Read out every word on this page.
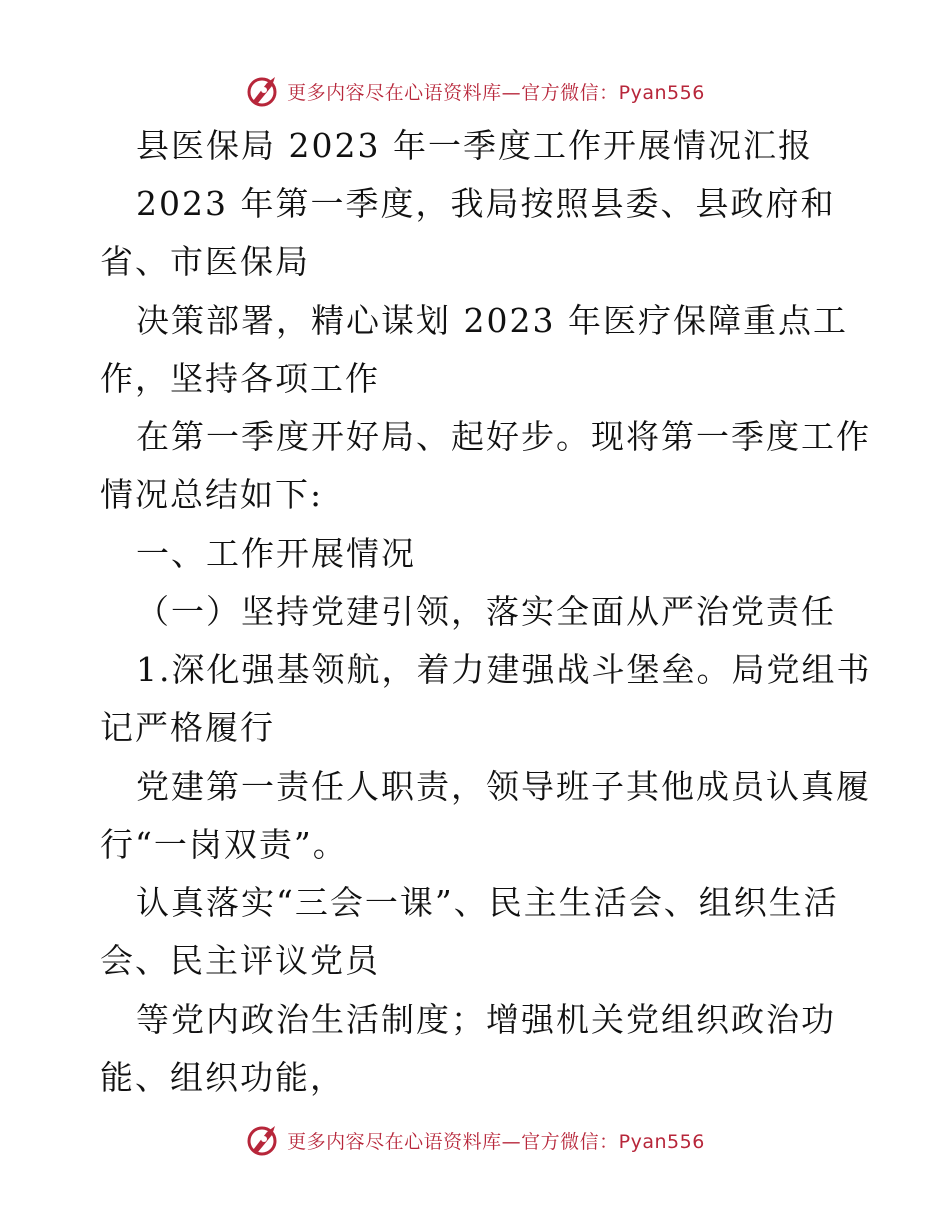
更多内容尽在心语资料库—官方微信：Pyan556
县医保局 2023 年一季度工作开展情况汇报
2023 年第一季度，我局按照县委、县政府和
省、市医保局
决策部署，精心谋划 2023 年医疗保障重点工
作，坚持各项工作
在第一季度开好局、起好步。现将第一季度工作
情况总结如下:
一、工作开展情况
（一）坚持党建引领，落实全面从严治党责任
1.深化强基领航，着力建强战斗堡垒。局党组书
记严格履行
党建第一责任人职责，领导班子其他成员认真履
行“一岗双责”。
认真落实“三会一课”、民主生活会、组织生活
会、民主评议党员
等党内政治生活制度；增强机关党组织政治功
能、组织功能，
更多内容尽在心语资料库—官方微信：Pyan556
